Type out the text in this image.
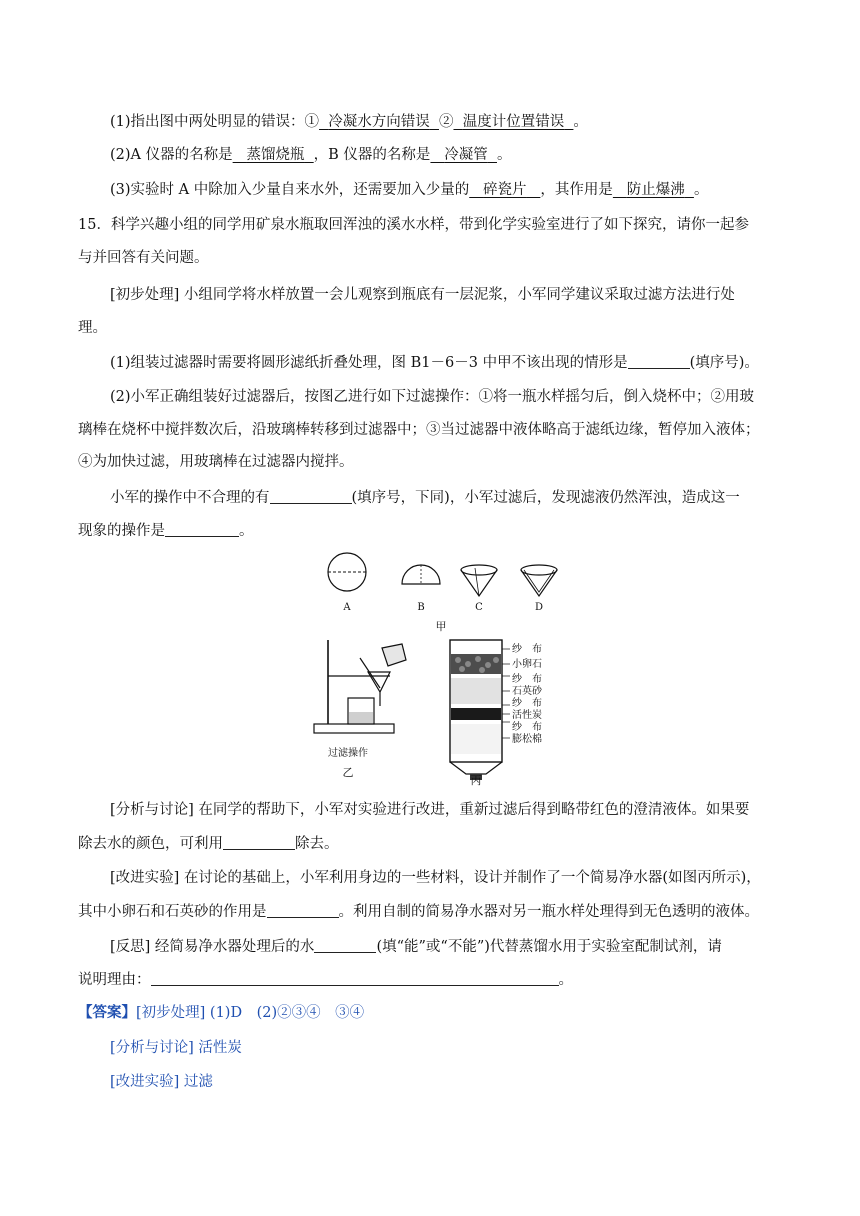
(1)指出图中两处明显的错误：① 冷凝水方向错误 ② 温度计位置错误 。
(2)A 仪器的名称是 蒸馏烧瓶 ，B 仪器的名称是 冷凝管 。
(3)实验时 A 中除加入少量自来水外，还需要加入少量的 碎瓷片 ，其作用是 防止爆沸 。
15．科学兴趣小组的同学用矿泉水瓶取回浑浊的溪水水样，带到化学实验室进行了如下探究，请你一起参
与并回答有关问题。
[初步处理] 小组同学将水样放置一会儿观察到瓶底有一层泥浆，小军同学建议采取过滤方法进行处
理。
(1)组装过滤器时需要将圆形滤纸折叠处理，图 B1－6－3 中甲不该出现的情形是	(填序号)。
(2)小军正确组装好过滤器后，按图乙进行如下过滤操作：①将一瓶水样摇匀后，倒入烧杯中；②用玻
璃棒在烧杯中搅拌数次后，沿玻璃棒转移到过滤器中；③当过滤器中液体略高于滤纸边缘，暂停加入液体；
④为加快过滤，用玻璃棒在过滤器内搅拌。
小军的操作中不合理的有	(填序号，下同)，小军过滤后，发现滤液仍然浑浊，造成这一
现象的操作是	。
A	B	C	D
甲
过滤操作
乙
纱　布
小卵石
纱　布
石英砂
纱　布
活性炭
纱　布
膨松棉
丙
[分析与讨论] 在同学的帮助下，小军对实验进行改进，重新过滤后得到略带红色的澄清液体。如果要
除去水的颜色，可利用	除去。
[改进实验] 在讨论的基础上，小军利用身边的一些材料，设计并制作了一个简易净水器(如图丙所示)，
其中小卵石和石英砂的作用是	。利用自制的简易净水器对另一瓶水样处理得到无色透明的液体。
[反思] 经简易净水器处理后的水	(填“能”或“不能”)代替蒸馏水用于实验室配制试剂，请
说明理由：	。
【答案】[初步处理] (1)D　(2)②③④　③④
[分析与讨论] 活性炭
[改进实验] 过滤
